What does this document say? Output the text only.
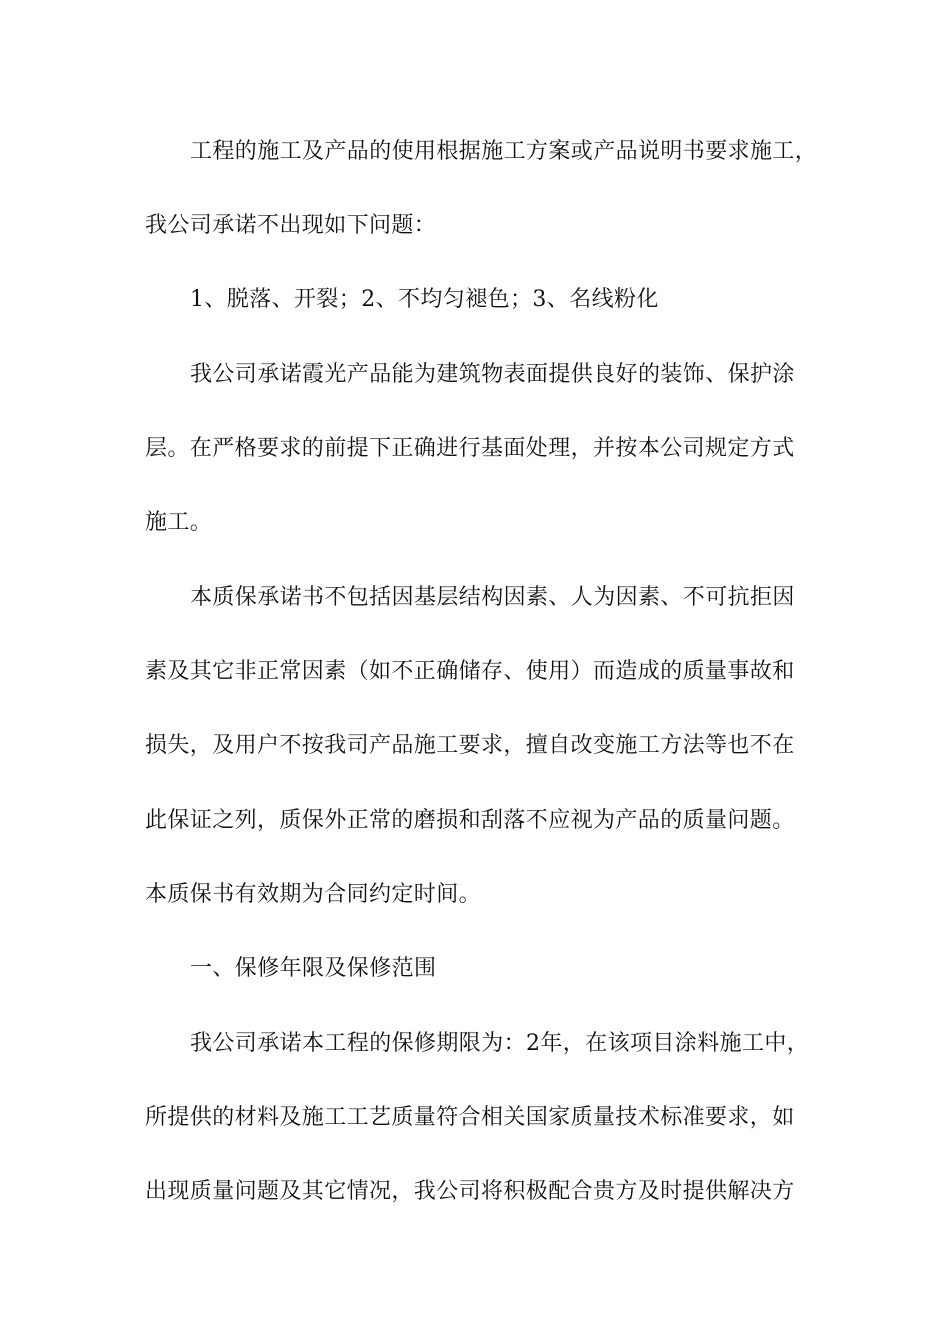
工程的施工及产品的使用根据施工方案或产品说明书要求施工，
我公司承诺不出现如下问题：
1、脱落、开裂；2、不均匀褪色；3、名线粉化
我公司承诺霞光产品能为建筑物表面提供良好的装饰、保护涂
层。在严格要求的前提下正确进行基面处理，并按本公司规定方式
施工。
本质保承诺书不包括因基层结构因素、人为因素、不可抗拒因
素及其它非正常因素（如不正确储存、使用）而造成的质量事故和
损失，及用户不按我司产品施工要求，擅自改变施工方法等也不在
此保证之列，质保外正常的磨损和刮落不应视为产品的质量问题。
本质保书有效期为合同约定时间。
一、保修年限及保修范围
我公司承诺本工程的保修期限为：2年，在该项目涂料施工中，
所提供的材料及施工工艺质量符合相关国家质量技术标准要求，如
出现质量问题及其它情况，我公司将积极配合贵方及时提供解决方
